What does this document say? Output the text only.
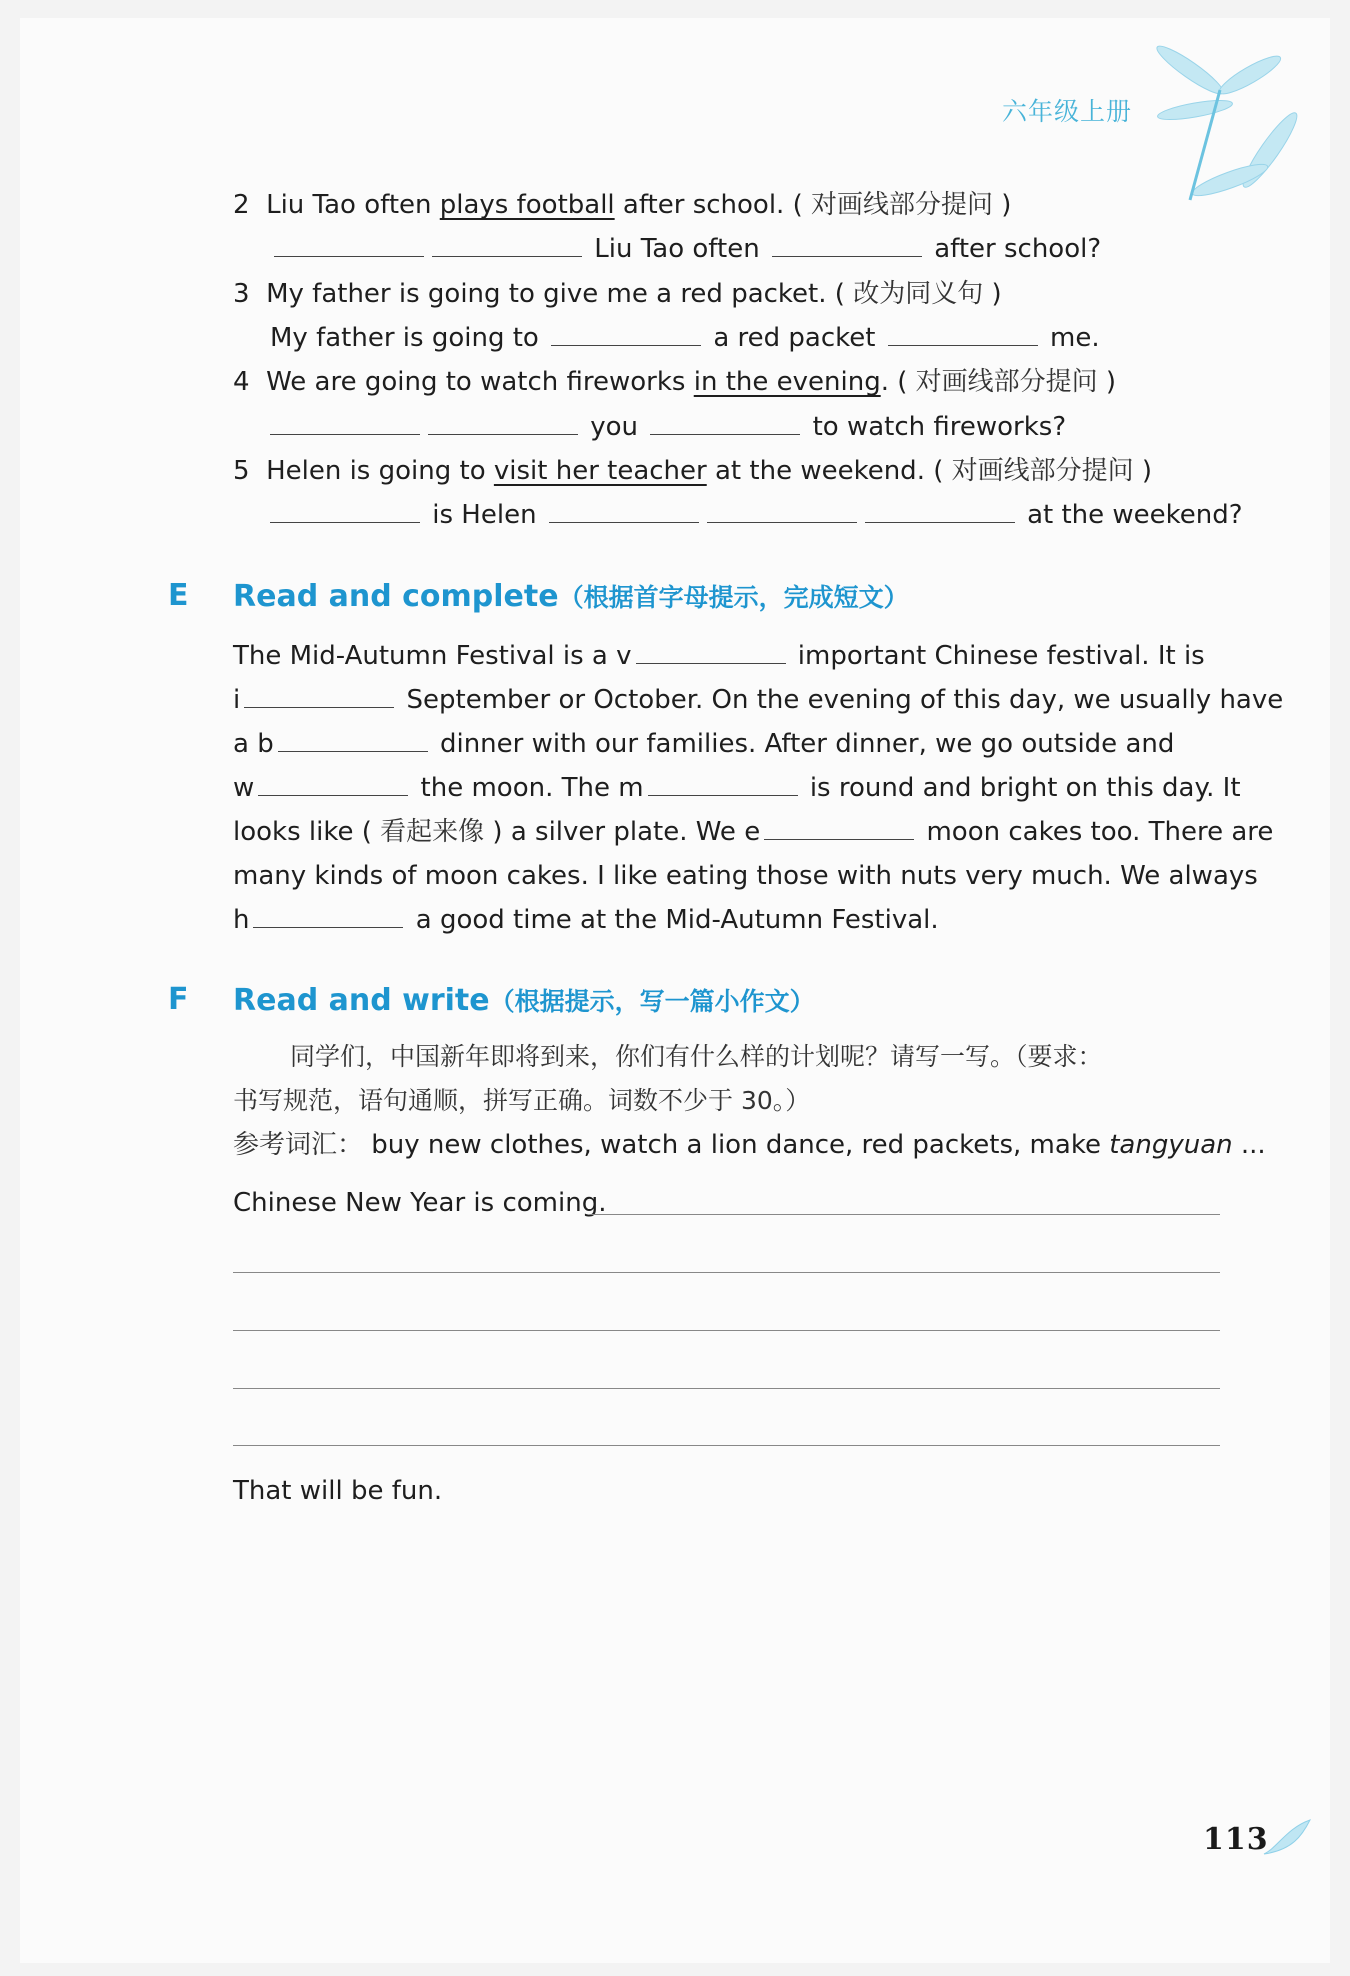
六年级上册
2 Liu Tao often plays football after school. ( 对画线部分提问 )
Liu Tao often	after school?
3 My father is going to give me a red packet. ( 改为同义句 )
My father is going to	a red packet	me.
4 We are going to watch fireworks in the evening. ( 对画线部分提问 )
you	to watch fireworks?
5 Helen is going to visit her teacher at the weekend. ( 对画线部分提问 )
is Helen	at the weekend?
E Read and complete（根据首字母提示，完成短文）
The Mid-Autumn Festival is a v	important Chinese festival. It is
i	September or October. On the evening of this day, we usually have
a b	dinner with our families. After dinner, we go outside and
w	the moon. The m	is round and bright on this day. It
looks like ( 看起来像 ) a silver plate. We e	moon cakes too. There are
many kinds of moon cakes. I like eating those with nuts very much. We always
h	a good time at the Mid-Autumn Festival.
F Read and write（根据提示，写一篇小作文）
同学们，中国新年即将到来，你们有什么样的计划呢？请写一写。（要求：
书写规范，语句通顺，拼写正确。词数不少于 30。）
参考词汇： buy new clothes, watch a lion dance, red packets, make tangyuan ...
Chinese New Year is coming.
That will be fun.
113
